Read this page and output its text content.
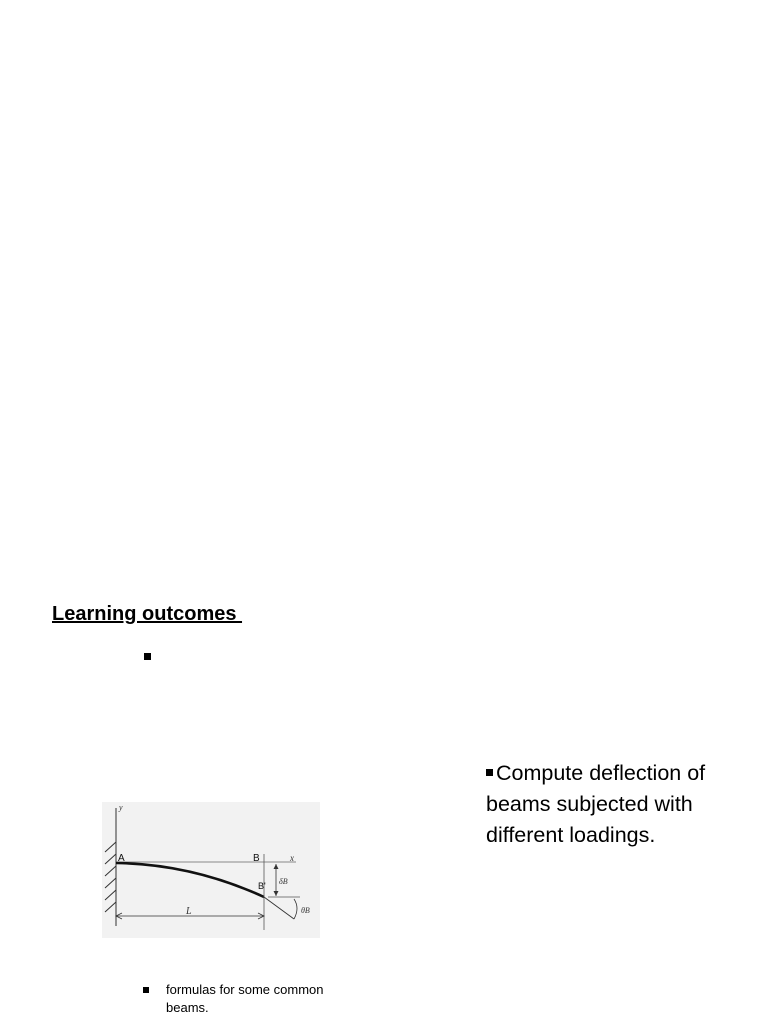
Learning outcomes
Compute deflection of beams subjected with different loadings.
y
A	B	x
B' δB
L	θB
formulas for some common beams.
